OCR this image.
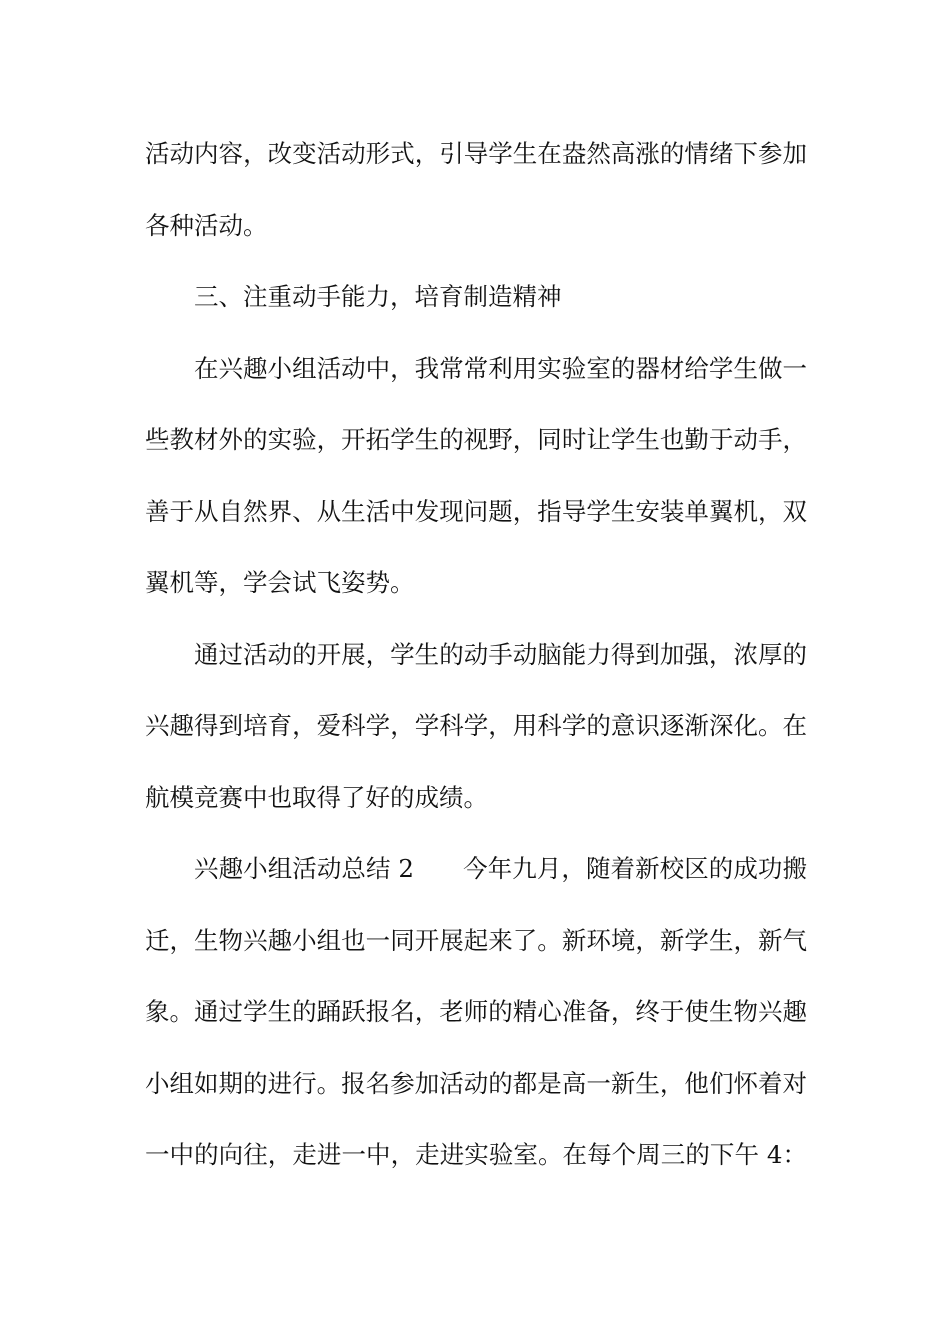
活动内容，改变活动形式，引导学生在盎然高涨的情绪下参加
各种活动。
三、注重动手能力，培育制造精神
在兴趣小组活动中，我常常利用实验室的器材给学生做一
些教材外的实验，开拓学生的视野，同时让学生也勤于动手，
善于从自然界、从生活中发现问题，指导学生安装单翼机，双
翼机等，学会试飞姿势。
通过活动的开展，学生的动手动脑能力得到加强，浓厚的
兴趣得到培育，爱科学，学科学，用科学的意识逐渐深化。在
航模竞赛中也取得了好的成绩。
兴趣小组活动总结 2　　今年九月，随着新校区的成功搬
迁，生物兴趣小组也一同开展起来了。新环境，新学生，新气
象。通过学生的踊跃报名，老师的精心准备，终于使生物兴趣
小组如期的进行。报名参加活动的都是高一新生，他们怀着对
一中的向往，走进一中，走进实验室。在每个周三的下午 4：
